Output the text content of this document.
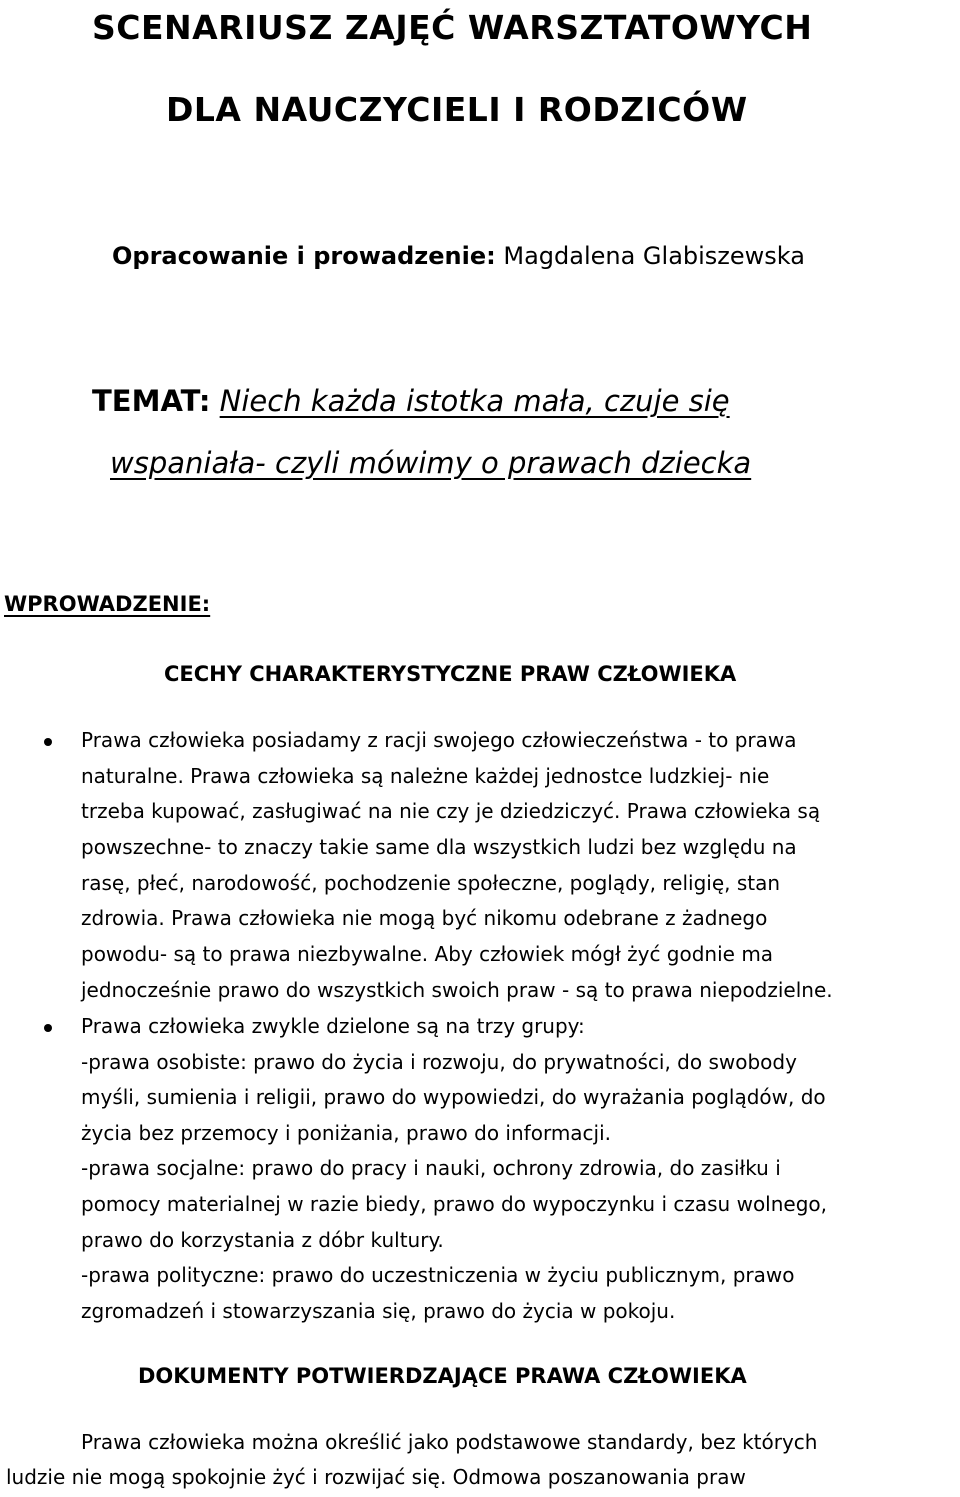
SCENARIUSZ ZAJĘĆ WARSZTATOWYCH
DLA NAUCZYCIELI I RODZICÓW
Opracowanie i prowadzenie: Magdalena Glabiszewska
TEMAT: Niech każda istotka mała, czuje się
wspaniała- czyli mówimy o prawach dziecka
WPROWADZENIE:
CECHY CHARAKTERYSTYCZNE PRAW CZŁOWIEKA
Prawa człowieka posiadamy z racji swojego człowieczeństwa - to prawa
naturalne. Prawa człowieka są należne każdej jednostce ludzkiej- nie
trzeba kupować, zasługiwać na nie czy je dziedziczyć. Prawa człowieka są
powszechne- to znaczy takie same dla wszystkich ludzi bez względu na
rasę, płeć, narodowość, pochodzenie społeczne, poglądy, religię, stan
zdrowia. Prawa człowieka nie mogą być nikomu odebrane z żadnego
powodu- są to prawa niezbywalne. Aby człowiek mógł żyć godnie ma
jednocześnie prawo do wszystkich swoich praw - są to prawa niepodzielne.
Prawa człowieka zwykle dzielone są na trzy grupy:
-prawa osobiste: prawo do życia i rozwoju, do prywatności, do swobody
myśli, sumienia i religii, prawo do wypowiedzi, do wyrażania poglądów, do
życia bez przemocy i poniżania, prawo do informacji.
-prawa socjalne: prawo do pracy i nauki, ochrony zdrowia, do zasiłku i
pomocy materialnej w razie biedy, prawo do wypoczynku i czasu wolnego,
prawo do korzystania z dóbr kultury.
-prawa polityczne: prawo do uczestniczenia w życiu publicznym, prawo
zgromadzeń i stowarzyszania się, prawo do życia w pokoju.
DOKUMENTY POTWIERDZAJĄCE PRAWA CZŁOWIEKA
Prawa człowieka można określić jako podstawowe standardy, bez których
ludzie nie mogą spokojnie żyć i rozwijać się. Odmowa poszanowania praw
